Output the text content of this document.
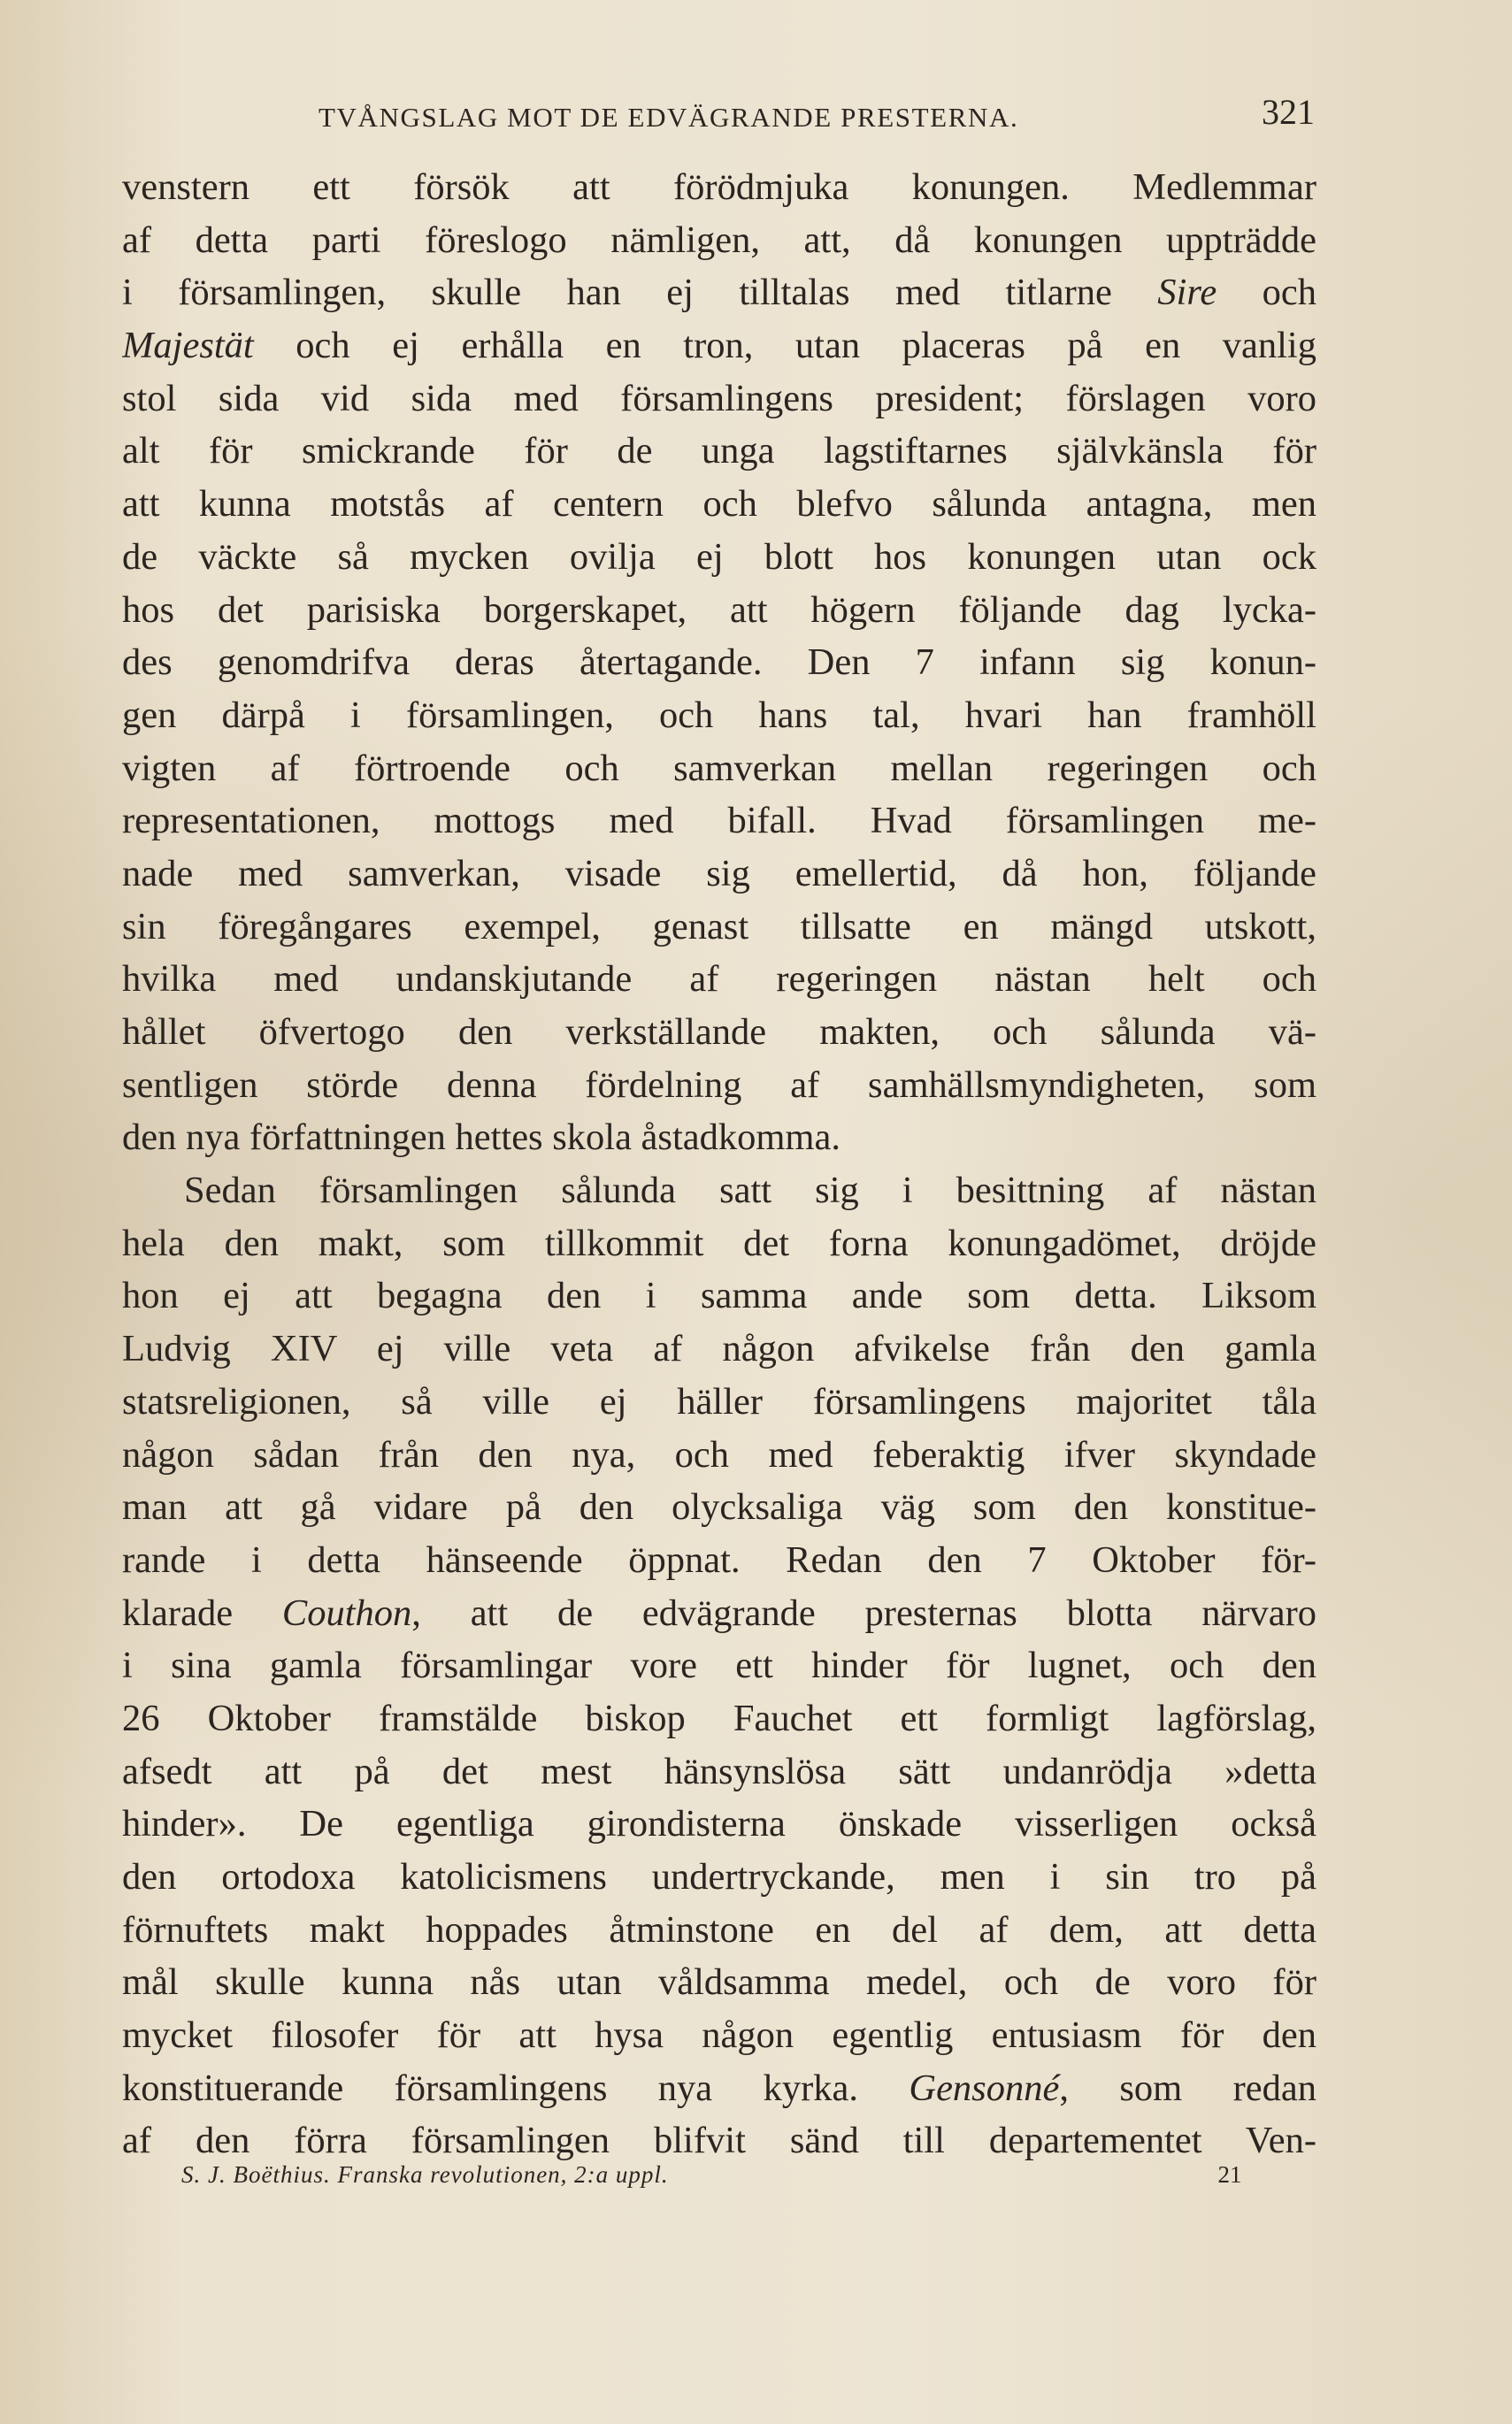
TVÅNGSLAG MOT DE EDVÄGRANDE PRESTERNA.	321
venstern ett försök att förödmjuka konungen. Medlemmar
af detta parti föreslogo nämligen, att, då konungen uppträdde
i församlingen, skulle han ej tilltalas med titlarne Sire och
Majestät och ej erhålla en tron, utan placeras på en vanlig
stol sida vid sida med församlingens president; förslagen voro
alt för smickrande för de unga lagstiftarnes självkänsla för
att kunna motstås af centern och blefvo sålunda antagna, men
de väckte så mycken ovilja ej blott hos konungen utan ock
hos det parisiska borgerskapet, att högern följande dag lycka-
des genomdrifva deras återtagande. Den 7 infann sig konun-
gen därpå i församlingen, och hans tal, hvari han framhöll
vigten af förtroende och samverkan mellan regeringen och
representationen, mottogs med bifall. Hvad församlingen me-
nade med samverkan, visade sig emellertid, då hon, följande
sin föregångares exempel, genast tillsatte en mängd utskott,
hvilka med undanskjutande af regeringen nästan helt och
hållet öfvertogo den verkställande makten, och sålunda vä-
sentligen störde denna fördelning af samhällsmyndigheten, som
den nya författningen hettes skola åstadkomma.
Sedan församlingen sålunda satt sig i besittning af nästan
hela den makt, som tillkommit det forna konungadömet, dröjde
hon ej att begagna den i samma ande som detta. Liksom
Ludvig XIV ej ville veta af någon afvikelse från den gamla
statsreligionen, så ville ej häller församlingens majoritet tåla
någon sådan från den nya, och med feberaktig ifver skyndade
man att gå vidare på den olycksaliga väg som den konstitue-
rande i detta hänseende öppnat. Redan den 7 Oktober för-
klarade Couthon, att de edvägrande presternas blotta närvaro
i sina gamla församlingar vore ett hinder för lugnet, och den
26 Oktober framstälde biskop Fauchet ett formligt lagförslag,
afsedt att på det mest hänsynslösa sätt undanrödja »detta
hinder». De egentliga girondisterna önskade visserligen också
den ortodoxa katolicismens undertryckande, men i sin tro på
förnuftets makt hoppades åtminstone en del af dem, att detta
mål skulle kunna nås utan våldsamma medel, och de voro för
mycket filosofer för att hysa någon egentlig entusiasm för den
konstituerande församlingens nya kyrka. Gensonné, som redan
af den förra församlingen blifvit sänd till departementet Ven-
S. J. Boëthius. Franska revolutionen, 2:a uppl.	21
